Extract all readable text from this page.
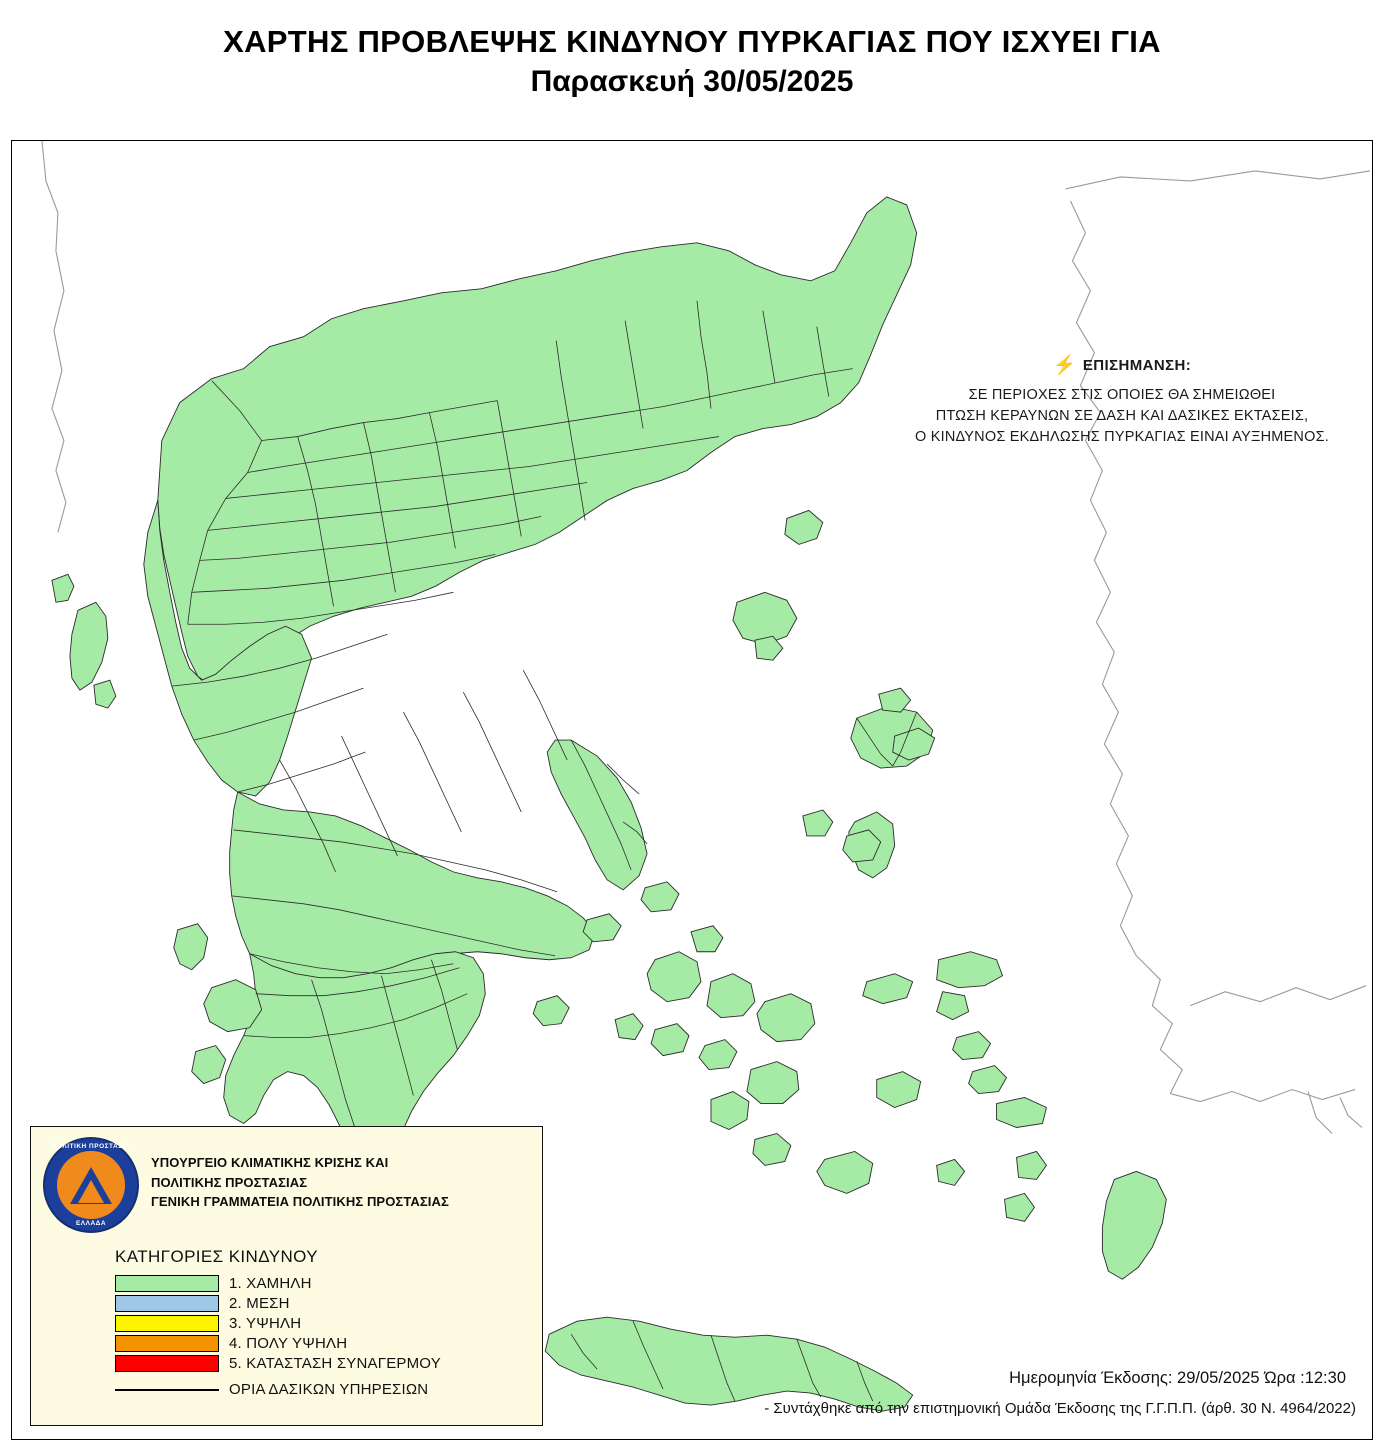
ΧΑΡΤΗΣ ΠΡΟΒΛΕΨΗΣ ΚΙΝΔΥΝΟΥ ΠΥΡΚΑΓΙΑΣ ΠΟΥ ΙΣΧΥΕΙ ΓΙΑ
Παρασκευή 30/05/2025
⚡ ΕΠΙΣΗΜΑΝΣΗ:
ΣΕ ΠΕΡΙΟΧΕΣ ΣΤΙΣ ΟΠΟΙΕΣ ΘΑ ΣΗΜΕΙΩΘΕΙ
ΠΤΩΣΗ ΚΕΡΑΥΝΩΝ ΣΕ ΔΑΣΗ ΚΑΙ ΔΑΣΙΚΕΣ ΕΚΤΑΣΕΙΣ,
Ο ΚΙΝΔΥΝΟΣ ΕΚΔΗΛΩΣΗΣ ΠΥΡΚΑΓΙΑΣ ΕΙΝΑΙ ΑΥΞΗΜΕΝΟΣ.
ΠΟΛΙΤΙΚΗ ΠΡΟΣΤΑΣΙΑ
ΕΛΛΑΔΑ
ΥΠΟΥΡΓΕΙΟ ΚΛΙΜΑΤΙΚΗΣ ΚΡΙΣΗΣ ΚΑΙ
ΠΟΛΙΤΙΚΗΣ ΠΡΟΣΤΑΣΙΑΣ
ΓΕΝΙΚΗ ΓΡΑΜΜΑΤΕΙΑ ΠΟΛΙΤΙΚΗΣ ΠΡΟΣΤΑΣΙΑΣ
ΚΑΤΗΓΟΡΙΕΣ ΚΙΝΔΥΝΟΥ
1. ΧΑΜΗΛΗ
2. ΜΕΣΗ
3. ΥΨΗΛΗ
4. ΠΟΛΥ ΥΨΗΛΗ
5. ΚΑΤΑΣΤΑΣΗ ΣΥΝΑΓΕΡΜΟΥ
ΟΡΙΑ ΔΑΣΙΚΩΝ ΥΠΗΡΕΣΙΩΝ
Ημερομηνία Έκδοσης: 29/05/2025 Ώρα :12:30
- Συντάχθηκε από την επιστημονική Ομάδα Έκδοσης της Γ.Γ.Π.Π. (άρθ. 30 Ν. 4964/2022)
